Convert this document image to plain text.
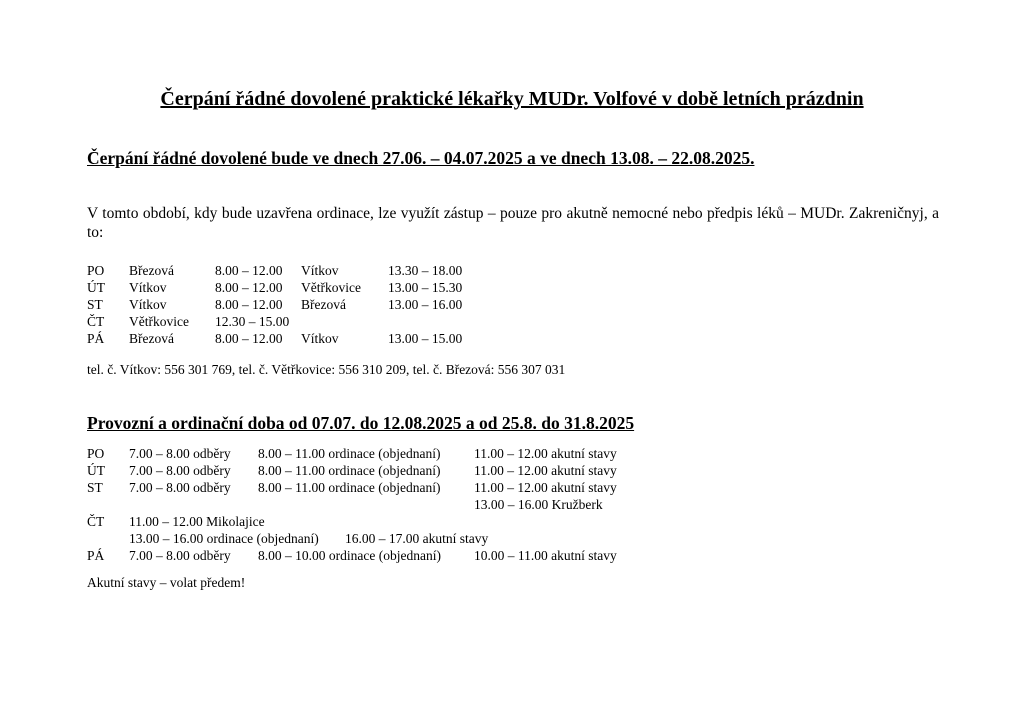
Čerpání řádné dovolené praktické lékařky MUDr. Volfové v době letních prázdnin
Čerpání řádné dovolené bude ve dnech 27.06. – 04.07.2025 a ve dnech 13.08. – 22.08.2025.
V tomto období, kdy bude uzavřena ordinace, lze využít zástup – pouze pro akutně nemocné nebo předpis léků – MUDr. Zakreničnyj, a to:
PO Březová	8.00 – 12.00 Vítkov	13.30 – 18.00
ÚT Vítkov	8.00 – 12.00 Větřkovice 13.00 – 15.30
ST Vítkov	8.00 – 12.00 Březová	13.00 – 16.00
ČT Větřkovice 12.30 – 15.00
PÁ Březová	8.00 – 12.00 Vítkov	13.00 – 15.00
tel. č. Vítkov: 556 301 769, tel. č. Větřkovice: 556 310 209, tel. č. Březová: 556 307 031
Provozní a ordinační doba od 07.07. do 12.08.2025 a od 25.8. do 31.8.2025
PO 7.00 – 8.00 odběry 8.00 – 11.00 ordinace (objednaní) 11.00 – 12.00 akutní stavy
ÚT 7.00 – 8.00 odběry 8.00 – 11.00 ordinace (objednaní) 11.00 – 12.00 akutní stavy
ST 7.00 – 8.00 odběry 8.00 – 11.00 ordinace (objednaní) 11.00 – 12.00 akutní stavy
13.00 – 16.00 Kružberk
ČT 11.00 – 12.00 Mikolajice
13.00 – 16.00 ordinace (objednaní) 16.00 – 17.00 akutní stavy
PÁ 7.00 – 8.00 odběry 8.00 – 10.00 ordinace (objednaní) 10.00 – 11.00 akutní stavy
Akutní stavy – volat předem!
